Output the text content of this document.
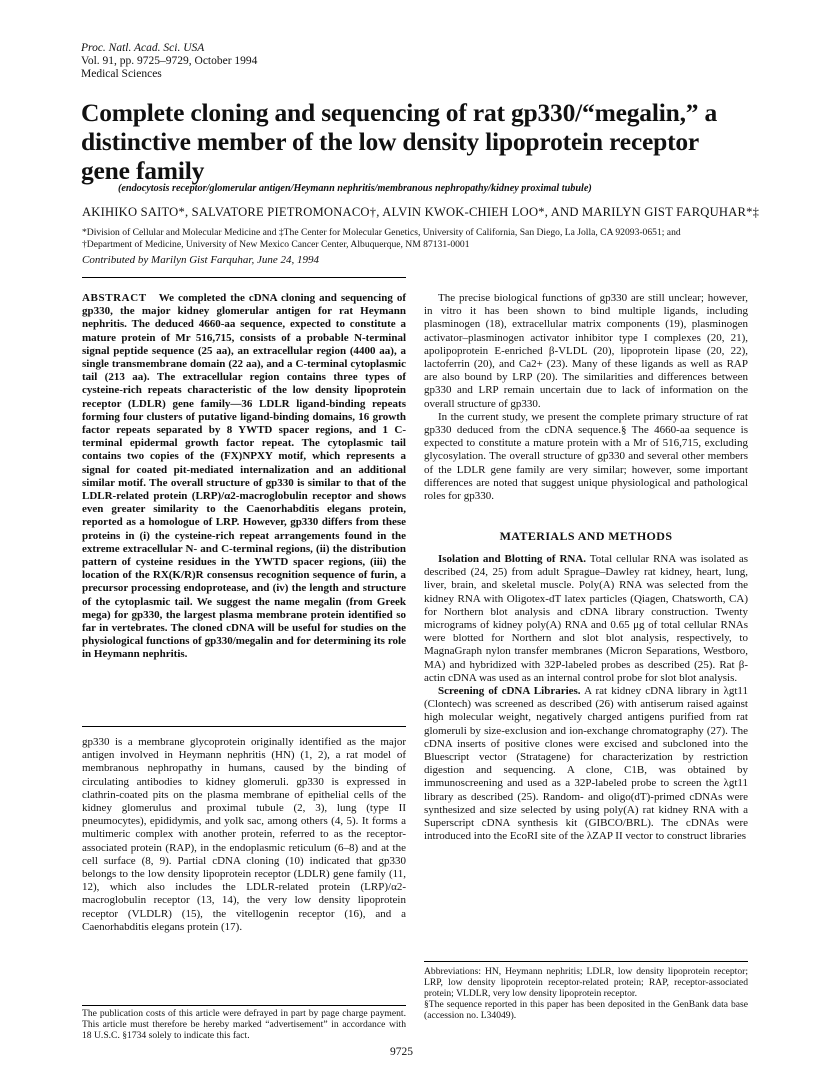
Proc. Natl. Acad. Sci. USA
Vol. 91, pp. 9725–9729, October 1994
Medical Sciences
Complete cloning and sequencing of rat gp330/“megalin,” a distinctive member of the low density lipoprotein receptor gene family
(endocytosis receptor/glomerular antigen/Heymann nephritis/membranous nephropathy/kidney proximal tubule)
AKIHIKO SAITO*, SALVATORE PIETROMONACO†, ALVIN KWOK-CHIEH LOO*, AND MARILYN GIST FARQUHAR*‡
*Division of Cellular and Molecular Medicine and ‡The Center for Molecular Genetics, University of California, San Diego, La Jolla, CA 92093-0651; and
†Department of Medicine, University of New Mexico Cancer Center, Albuquerque, NM 87131-0001
Contributed by Marilyn Gist Farquhar, June 24, 1994
ABSTRACT We completed the cDNA cloning and sequencing of gp330, the major kidney glomerular antigen for rat Heymann nephritis. The deduced 4660-aa sequence, expected to constitute a mature protein of Mr 516,715, consists of a probable N-terminal signal peptide sequence (25 aa), an extracellular region (4400 aa), a single transmembrane domain (22 aa), and a C-terminal cytoplasmic tail (213 aa). The extracellular region contains three types of cysteine-rich repeats characteristic of the low density lipoprotein receptor (LDLR) gene family—36 LDLR ligand-binding repeats forming four clusters of putative ligand-binding domains, 16 growth factor repeats separated by 8 YWTD spacer regions, and 1 C-terminal epidermal growth factor repeat. The cytoplasmic tail contains two copies of the (FX)NPXY motif, which represents a signal for coated pit-mediated internalization and an additional similar motif. The overall structure of gp330 is similar to that of the LDLR-related protein (LRP)/α2-macroglobulin receptor and shows even greater similarity to the Caenorhabditis elegans protein, reported as a homologue of LRP. However, gp330 differs from these proteins in (i) the cysteine-rich repeat arrangements found in the extreme extracellular N- and C-terminal regions, (ii) the distribution pattern of cysteine residues in the YWTD spacer regions, (iii) the location of the RX(K/R)R consensus recognition sequence of furin, a precursor processing endoprotease, and (iv) the length and structure of the cytoplasmic tail. We suggest the name megalin (from Greek mega) for gp330, the largest plasma membrane protein identified so far in vertebrates. The cloned cDNA will be useful for studies on the physiological functions of gp330/megalin and for determining its role in Heymann nephritis.
gp330 is a membrane glycoprotein originally identified as the major antigen involved in Heymann nephritis (HN) (1, 2), a rat model of membranous nephropathy in humans, caused by the binding of circulating antibodies to kidney glomeruli. gp330 is expressed in clathrin-coated pits on the plasma membrane of epithelial cells of the kidney glomerulus and proximal tubule (2, 3), lung (type II pneumocytes), epididymis, and yolk sac, among others (4, 5). It forms a multimeric complex with another protein, referred to as the receptor-associated protein (RAP), in the endoplasmic reticulum (6–8) and at the cell surface (8, 9). Partial cDNA cloning (10) indicated that gp330 belongs to the low density lipoprotein receptor (LDLR) gene family (11, 12), which also includes the LDLR-related protein (LRP)/α2-macroglobulin receptor (13, 14), the very low density lipoprotein receptor (VLDLR) (15), the vitellogenin receptor (16), and a Caenorhabditis elegans protein (17).
The publication costs of this article were defrayed in part by page charge payment. This article must therefore be hereby marked “advertisement” in accordance with 18 U.S.C. §1734 solely to indicate this fact.

The precise biological functions of gp330 are still unclear; however, in vitro it has been shown to bind multiple ligands, including plasminogen (18), extracellular matrix components (19), plasminogen activator–plasminogen activator inhibitor type I complexes (20, 21), apolipoprotein E-enriched β-VLDL (20), lipoprotein lipase (20, 22), lactoferrin (20), and Ca2+ (23). Many of these ligands as well as RAP are also bound by LRP (20). The similarities and differences between gp330 and LRP remain uncertain due to lack of information on the overall structure of gp330.

In the current study, we present the complete primary structure of rat gp330 deduced from the cDNA sequence.§ The 4660-aa sequence is expected to constitute a mature protein with a Mr of 516,715, excluding glycosylation. The overall structure of gp330 and several other members of the LDLR gene family are very similar; however, some important differences are noted that suggest unique physiological and pathological roles for gp330.

MATERIALS AND METHODS

Isolation and Blotting of RNA. Total cellular RNA was isolated as described (24, 25) from adult Sprague–Dawley rat kidney, heart, lung, liver, brain, and skeletal muscle. Poly(A) RNA was selected from the kidney RNA with Oligotex-dT latex particles (Qiagen, Chatsworth, CA) for Northern blot analysis and cDNA library construction. Twenty micrograms of kidney poly(A) RNA and 0.65 μg of total cellular RNAs were blotted for Northern and slot blot analysis, respectively, to MagnaGraph nylon transfer membranes (Micron Separations, Westboro, MA) and hybridized with 32P-labeled probes as described (25). Rat β-actin cDNA was used as an internal control probe for slot blot analysis.

Screening of cDNA Libraries. A rat kidney cDNA library in λgt11 (Clontech) was screened as described (26) with antiserum raised against high molecular weight, negatively charged antigens purified from rat glomeruli by size-exclusion and ion-exchange chromatography (27). The cDNA inserts of positive clones were excised and subcloned into the Bluescript vector (Stratagene) for characterization by restriction digestion and sequencing. A clone, C1B, was obtained by immunoscreening and used as a 32P-labeled probe to screen the λgt11 library as described (25). Random- and oligo(dT)-primed cDNAs were synthesized and size selected by using poly(A) rat kidney RNA with a Superscript cDNA synthesis kit (GIBCO/BRL). The cDNAs were introduced into the EcoRI site of the λZAP II vector to construct libraries

Abbreviations: HN, Heymann nephritis; LDLR, low density lipoprotein receptor; LRP, low density lipoprotein receptor-related protein; RAP, receptor-associated protein; VLDLR, very low density lipoprotein receptor.
§The sequence reported in this paper has been deposited in the GenBank data base (accession no. L34049).
9725
